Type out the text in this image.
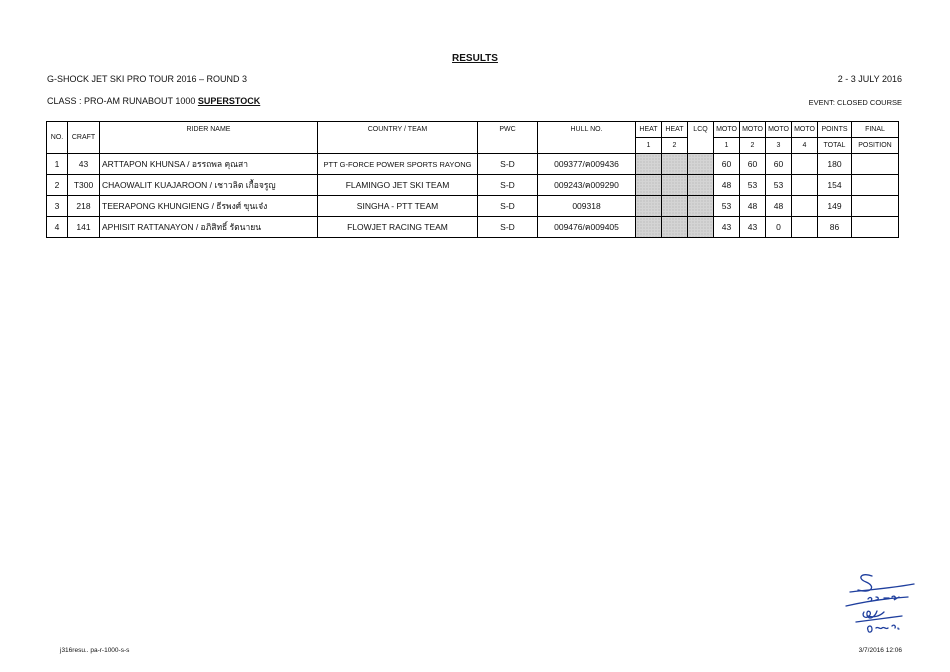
RESULTS
G-SHOCK JET SKI PRO TOUR 2016 – ROUND 3	2 - 3 JULY 2016
CLASS : PRO-AM RUNABOUT 1000 SUPERSTOCK	EVENT: CLOSED COURSE
NO.	CRAFT	RIDER NAME	COUNTRY / TEAM	PWC	HULL NO.	HEAT	HEAT	LCQ	MOTO	MOTO	MOTO	MOTO	POINTS	FINAL
						1	2		1	2	3	4	TOTAL	POSITION
1	43	ARTTAPON KHUNSA / อรรถพล คุณสา	PTT G-FORCE POWER SPORTS RAYONG	S-D	009377/ค009436				60	60	60		180	
2	T300	CHAOWALIT KUAJAROON / เชาวลิต เกื้อจรูญ	FLAMINGO JET SKI TEAM	S-D	009243/ค009290				48	53	53		154	
3	218	TEERAPONG KHUNGIENG / ธีรพงศ์ ขุนเจ๋ง	SINGHA - PTT TEAM	S-D	009318				53	48	48		149	
4	141	APHISIT RATTANAYON / อภิสิทธิ์ รัตนายน	FLOWJET RACING TEAM	S-D	009476/ค009405				43	43	0		86	
j316resu.. pa-r-1000-s-s	3/7/2016 12:06
